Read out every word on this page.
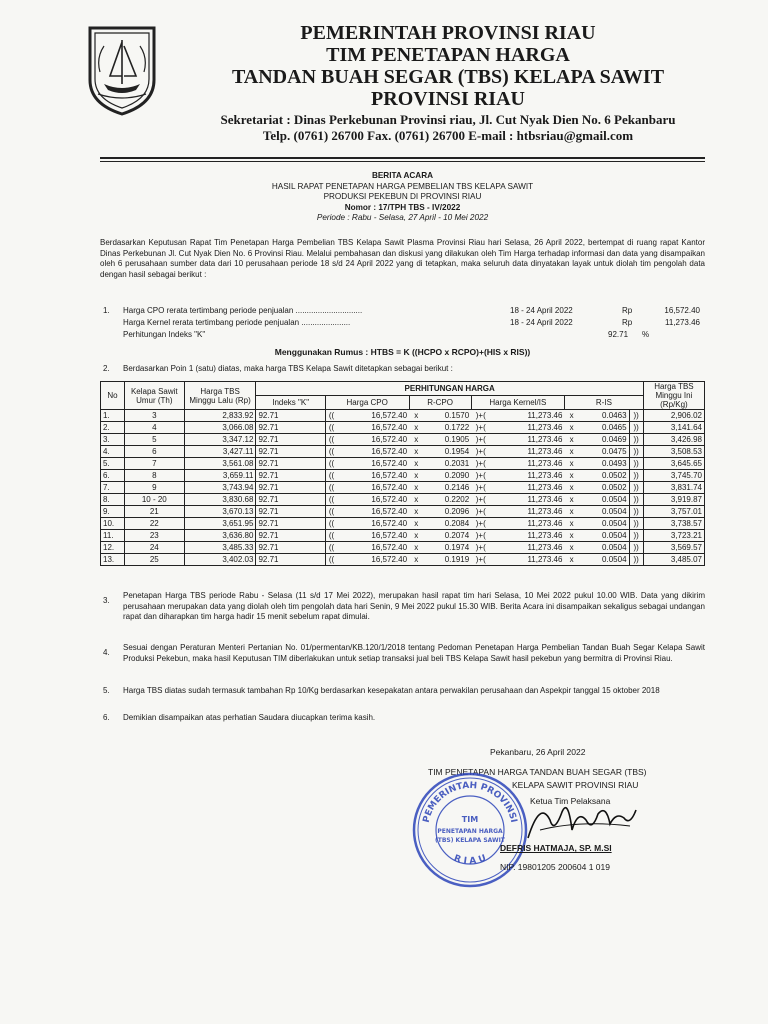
PEMERINTAH PROVINSI RIAU
TIM PENETAPAN HARGA
TANDAN BUAH SEGAR (TBS) KELAPA SAWIT
PROVINSI RIAU
Sekretariat : Dinas Perkebunan Provinsi riau, Jl. Cut Nyak Dien No. 6 Pekanbaru
Telp. (0761) 26700 Fax. (0761) 26700 E-mail : htbsriau@gmail.com
BERITA ACARA
HASIL RAPAT PENETAPAN HARGA PEMBELIAN TBS KELAPA SAWIT
PRODUKSI PEKEBUN DI PROVINSI RIAU
Nomor : 17/TPH TBS - IV/2022
Periode : Rabu - Selasa, 27 April - 10 Mei 2022
Berdasarkan Keputusan Rapat Tim Penetapan Harga Pembelian TBS Kelapa Sawit Plasma Provinsi Riau hari Selasa, 26 April 2022, bertempat di ruang rapat Kantor Dinas Perkebunan Jl. Cut Nyak Dien No. 6 Provinsi Riau. Melalui pembahasan dan diskusi yang dilakukan oleh Tim Harga terhadap informasi dan data yang disampaikan oleh 6 perusahaan sumber data dari 10 perusahaan periode 18 s/d 24 April 2022 yang di tetapkan, maka seluruh data dinyatakan layak untuk diolah tim pengolah data dengan hasil sebagai berikut :
1. Harga CPO rerata tertimbang periode penjualan ..............................	18 - 24 April 2022	Rp	16,572.40
Harga Kernel rerata tertimbang periode penjualan ......................	18 - 24 April 2022	Rp	11,273.46
Perhitungan Indeks "K"	92.71 %
Menggunakan Rumus : HTBS = K ((HCPO x RCPO)+(HIS x RIS))
2. Berdasarkan Poin 1 (satu) diatas, maka harga TBS Kelapa Sawit ditetapkan sebagai berikut :
No	Kelapa Sawit Umur (Th)	Harga TBS Minggu Lalu (Rp)	PERHITUNGAN HARGA										Harga TBS Minggu Ini (Rp/Kg)
			Indeks "K"	Harga CPO		R-CPO		Harga Kernel/IS		R-IS			
1.	3	2,833.92	92.71	((	16,572.40	x	0.1570	)+(	11,273.46	x	0.0463	))	2,906.02
2.	4	3,066.08	92.71	((	16,572.40	x	0.1722	)+(	11,273.46	x	0.0465	))	3,141.64
3.	5	3,347.12	92.71	((	16,572.40	x	0.1905	)+(	11,273.46	x	0.0469	))	3,426.98
4.	6	3,427.11	92.71	((	16,572.40	x	0.1954	)+(	11,273.46	x	0.0475	))	3,508.53
5.	7	3,561.08	92.71	((	16,572.40	x	0.2031	)+(	11,273.46	x	0.0493	))	3,645.65
6.	8	3,659.11	92.71	((	16,572.40	x	0.2090	)+(	11,273.46	x	0.0502	))	3,745.70
7.	9	3,743.94	92.71	((	16,572.40	x	0.2146	)+(	11,273.46	x	0.0502	))	3,831.74
8.	10 - 20	3,830.68	92.71	((	16,572.40	x	0.2202	)+(	11,273.46	x	0.0504	))	3,919.87
9.	21	3,670.13	92.71	((	16,572.40	x	0.2096	)+(	11,273.46	x	0.0504	))	3,757.01
10.	22	3,651.95	92.71	((	16,572.40	x	0.2084	)+(	11,273.46	x	0.0504	))	3,738.57
11.	23	3,636.80	92.71	((	16,572.40	x	0.2074	)+(	11,273.46	x	0.0504	))	3,723.21
12.	24	3,485.33	92.71	((	16,572.40	x	0.1974	)+(	11,273.46	x	0.0504	))	3,569.57
13.	25	3,402.03	92.71	((	16,572.40	x	0.1919	)+(	11,273.46	x	0.0504	))	3,485.07
3.
Penetapan Harga TBS periode Rabu - Selasa (11 s/d 17 Mei 2022), merupakan hasil rapat tim hari Selasa, 10 Mei 2022 pukul 10.00 WIB. Data yang dikirim perusahaan merupakan data yang diolah oleh tim pengolah data hari Senin, 9 Mei 2022 pukul 15.30 WIB. Berita Acara ini disampaikan sekaligus sebagai undangan rapat dan diharapkan tim harga hadir 15 menit sebelum rapat dimulai.
4.
Sesuai dengan Peraturan Menteri Pertanian No. 01/permentan/KB.120/1/2018 tentang Pedoman Penetapan Harga Pembelian Tandan Buah Segar Kelapa Sawit Produksi Pekebun, maka hasil Keputusan TIM diberlakukan untuk setiap transaksi jual beli TBS Kelapa Sawit hasil pekebun yang bermitra di Provinsi Riau.
5. Harga TBS diatas sudah termasuk tambahan Rp 10/Kg berdasarkan kesepakatan antara perwakilan perusahaan dan Aspekpir tanggal 15 oktober 2018
6. Demikian disampaikan atas perhatian Saudara diucapkan terima kasih.
Pekanbaru, 26 April 2022
TIM PENETAPAN HARGA TANDAN BUAH SEGAR (TBS)
KELAPA SAWIT PROVINSI RIAU
Ketua Tim Pelaksana
PEMERINTAH PROVINSI
R I A U
TIM
PENETAPAN HARGA
(TBS) KELAPA SAWIT
DEFRIS HATMAJA, SP. M.SI
NIP. 19801205 200604 1 019
